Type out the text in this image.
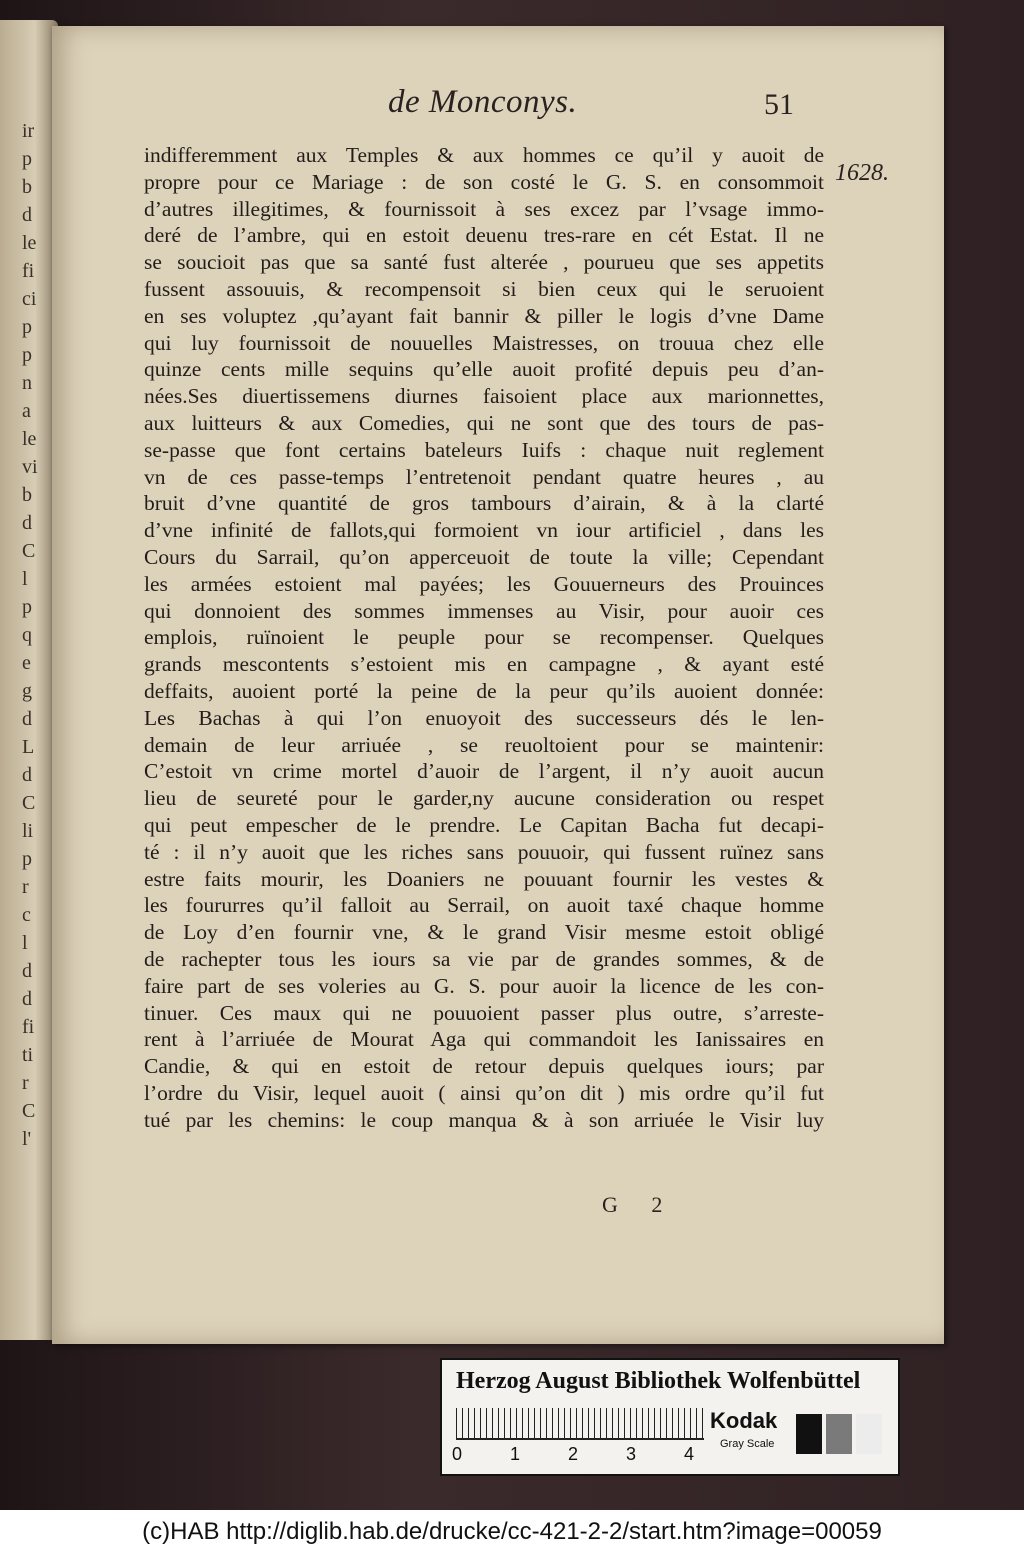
ir
p
b
d
le
fi
ci
p
p
n
a
le
vi
b
d
C
l
p
q
e
g
d
L
d
C
li
p
r
c
l
d
d
fi
ti
r
C
l'
de Monconys.	51
1628.
indifferemment aux Temples & aux hommes ce qu’il y auoit de
propre pour ce Mariage : de son costé le G. S. en consommoit
d’autres illegitimes, & fournissoit à ses excez par l’vsage immo-
deré de l’ambre, qui en estoit deuenu tres-rare en cét Estat. Il ne
se soucioit pas que sa santé fust alterée , pourueu que ses appetits
fussent assouuis, & recompensoit si bien ceux qui le seruoient
en ses voluptez ,qu’ayant fait bannir & piller le logis d’vne Dame
qui luy fournissoit de nouuelles Maistresses, on trouua chez elle
quinze cents mille sequins qu’elle auoit profité depuis peu d’an-
nées.Ses diuertissemens diurnes faisoient place aux marionnettes,
aux luitteurs & aux Comedies, qui ne sont que des tours de pas-
se-passe que font certains bateleurs Iuifs : chaque nuit reglement
vn de ces passe-temps l’entretenoit pendant quatre heures , au
bruit d’vne quantité de gros tambours d’airain, & à la clarté
d’vne infinité de fallots,qui formoient vn iour artificiel , dans les
Cours du Sarrail, qu’on apperceuoit de toute la ville; Cependant
les armées estoient mal payées; les Gouuerneurs des Prouinces
qui donnoient des sommes immenses au Visir, pour auoir ces
emplois, ruïnoient le peuple pour se recompenser. Quelques
grands mescontents s’estoient mis en campagne , & ayant esté
deffaits, auoient porté la peine de la peur qu’ils auoient donnée:
Les Bachas à qui l’on enuoyoit des successeurs dés le len-
demain de leur arriuée , se reuoltoient pour se maintenir:
C’estoit vn crime mortel d’auoir de l’argent, il n’y auoit aucun
lieu de seureté pour le garder,ny aucune consideration ou respet
qui peut empescher de le prendre. Le Capitan Bacha fut decapi-
té : il n’y auoit que les riches sans pouuoir, qui fussent ruïnez sans
estre faits mourir, les Doaniers ne pouuant fournir les vestes &
les foururres qu’il falloit au Serrail, on auoit taxé chaque homme
de Loy d’en fournir vne, & le grand Visir mesme estoit obligé
de rachepter tous les iours sa vie par de grandes sommes, & de
faire part de ses voleries au G. S. pour auoir la licence de les con-
tinuer. Ces maux qui ne pouuoient passer plus outre, s’arreste-
rent à l’arriuée de Mourat Aga qui commandoit les Ianissaires en
Candie, & qui en estoit de retour depuis quelques iours; par
l’ordre du Visir, lequel auoit ( ainsi qu’on dit ) mis ordre qu’il fut
tué par les chemins: le coup manqua & à son arriuée le Visir luy
G 2
Herzog August Bibliothek Wolfenbüttel
0	1	2	3	4
Kodak
Gray Scale
(c)HAB http://diglib.hab.de/drucke/cc-421-2-2/start.htm?image=00059
